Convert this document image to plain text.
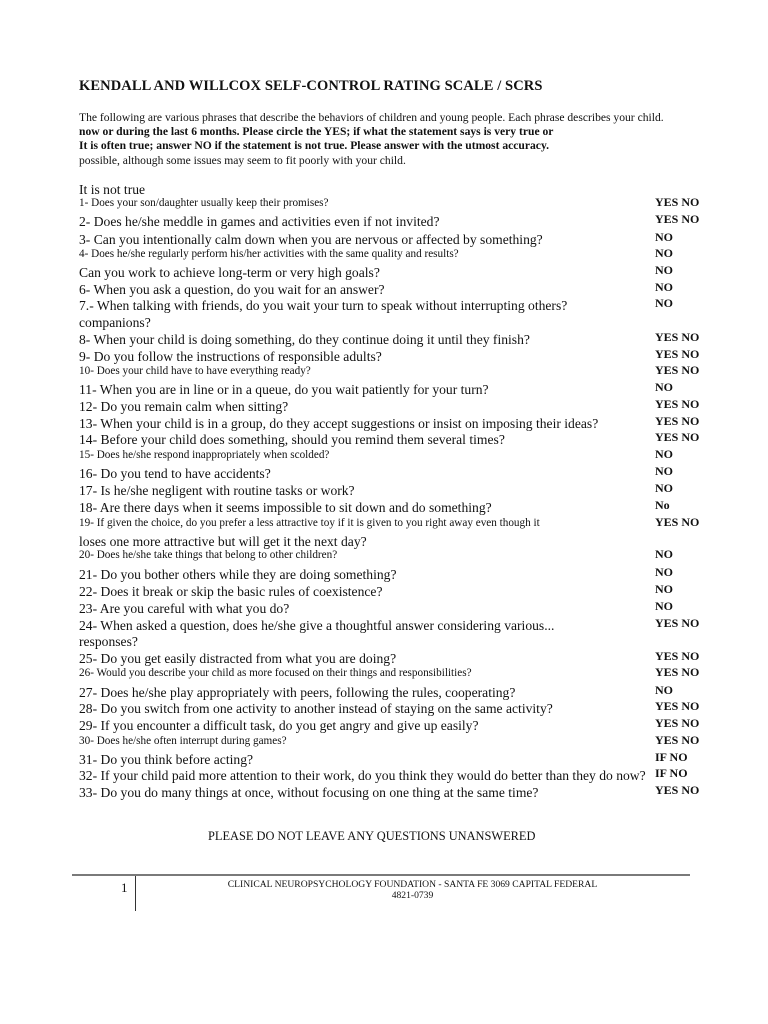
KENDALL AND WILLCOX SELF-CONTROL RATING SCALE / SCRS
The following are various phrases that describe the behaviors of children and young people. Each phrase describes your child.
now or during the last 6 months. Please circle the YES; if what the statement says is very true or
It is often true; answer NO if the statement is not true. Please answer with the utmost accuracy.
possible, although some issues may seem to fit poorly with your child.
It is not true
1- Does your son/daughter usually keep their promises?	YES NO
2- Does he/she meddle in games and activities even if not invited?	YES NO
3- Can you intentionally calm down when you are nervous or affected by something?	NO
4- Does he/she regularly perform his/her activities with the same quality and results?	NO
Can you work to achieve long-term or very high goals?	NO
6- When you ask a question, do you wait for an answer?	NO
7.- When talking with friends, do you wait your turn to speak without interrupting others?	NO
companions?
8- When your child is doing something, do they continue doing it until they finish?	YES NO
9- Do you follow the instructions of responsible adults?	YES NO
10- Does your child have to have everything ready?	YES NO
11- When you are in line or in a queue, do you wait patiently for your turn?	NO
12- Do you remain calm when sitting?	YES NO
13- When your child is in a group, do they accept suggestions or insist on imposing their ideas?	YES NO
14- Before your child does something, should you remind them several times?	YES NO
15- Does he/she respond inappropriately when scolded?	NO
16- Do you tend to have accidents?	NO
17- Is he/she negligent with routine tasks or work?	NO
18- Are there days when it seems impossible to sit down and do something?	No
19- If given the choice, do you prefer a less attractive toy if it is given to you right away even though it	YES NO
loses one more attractive but will get it the next day?
20- Does he/she take things that belong to other children?	NO
21- Do you bother others while they are doing something?	NO
22- Does it break or skip the basic rules of coexistence?	NO
23- Are you careful with what you do?	NO
24- When asked a question, does he/she give a thoughtful answer considering various...	YES NO
responses?
25- Do you get easily distracted from what you are doing?	YES NO
26- Would you describe your child as more focused on their things and responsibilities?	YES NO
27- Does he/she play appropriately with peers, following the rules, cooperating?	NO
28- Do you switch from one activity to another instead of staying on the same activity?	YES NO
29- If you encounter a difficult task, do you get angry and give up easily?	YES NO
30- Does he/she often interrupt during games?	YES NO
31- Do you think before acting?	IF NO
32- If your child paid more attention to their work, do you think they would do better than they do now? IF NO
33- Do you do many things at once, without focusing on one thing at the same time?	YES NO
PLEASE DO NOT LEAVE ANY QUESTIONS UNANSWERED
1	CLINICAL NEUROPSYCHOLOGY FOUNDATION - SANTA FE 3069 CAPITAL FEDERAL
4821-0739
